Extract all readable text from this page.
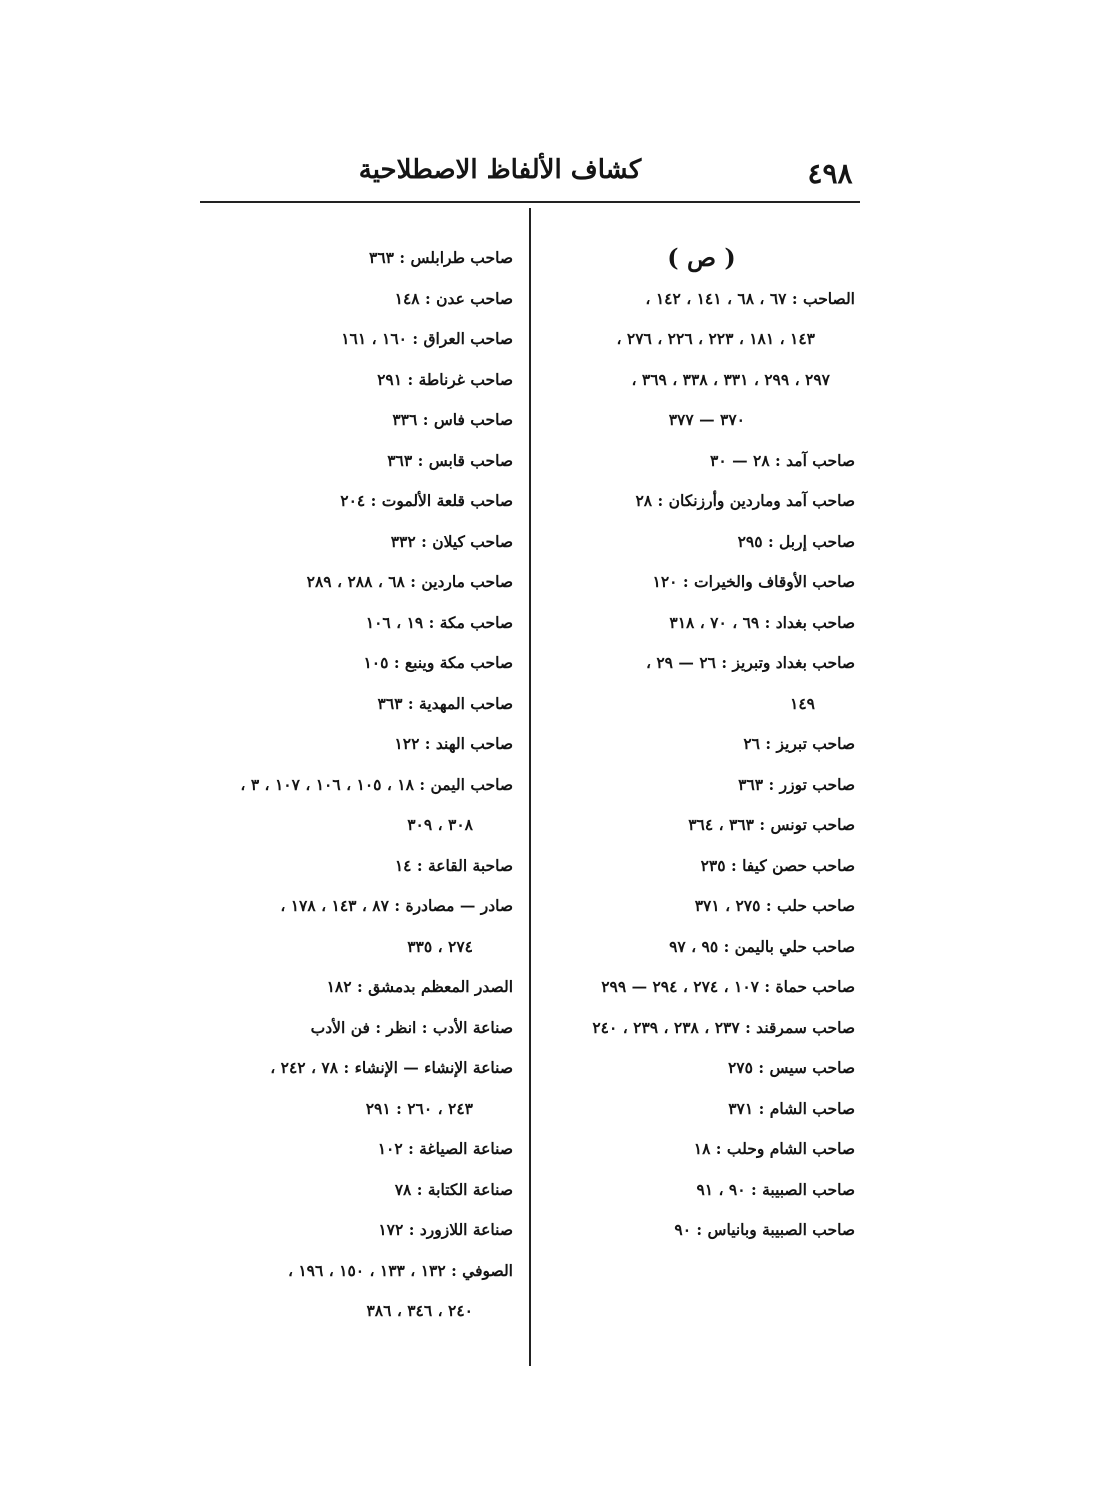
كشاف الألفاظ الاصطلاحية	٤٩٨
( ص )
الصاحب : ٦٧ ، ٦٨ ، ١٤١ ، ١٤٢ ،
١٤٣ ، ١٨١ ، ٢٢٣ ، ٢٢٦ ، ٢٧٦ ،
٢٩٧ ، ٢٩٩ ، ٣٣١ ، ٣٣٨ ، ٣٦٩ ،
٣٧٠ — ٣٧٧
صاحب آمد : ٢٨ — ٣٠
صاحب آمد وماردين وأرزنكان : ٢٨
صاحب إربل : ٢٩٥
صاحب الأوقاف والخيرات : ١٢٠
صاحب بغداد : ٦٩ ، ٧٠ ، ٣١٨
صاحب بغداد وتبريز : ٢٦ — ٢٩ ،
١٤٩
صاحب تبريز : ٢٦
صاحب توزر : ٣٦٣
صاحب تونس : ٣٦٣ ، ٣٦٤
صاحب حصن كيفا : ٢٣٥
صاحب حلب : ٢٧٥ ، ٣٧١
صاحب حلي باليمن : ٩٥ ، ٩٧
صاحب حماة : ١٠٧ ، ٢٧٤ ، ٢٩٤ — ٢٩٩
صاحب سمرقند : ٢٣٧ ، ٢٣٨ ، ٢٣٩ ، ٢٤٠
صاحب سيس : ٢٧٥
صاحب الشام : ٣٧١
صاحب الشام وحلب : ١٨
صاحب الصبيبة : ٩٠ ، ٩١
صاحب الصبيبة وبانياس : ٩٠
صاحب طرابلس : ٣٦٣
صاحب عدن : ١٤٨
صاحب العراق : ١٦٠ ، ١٦١
صاحب غرناطة : ٢٩١
صاحب فاس : ٣٣٦
صاحب قابس : ٣٦٣
صاحب قلعة الألموت : ٢٠٤
صاحب كيلان : ٣٣٢
صاحب ماردين : ٦٨ ، ٢٨٨ ، ٢٨٩
صاحب مكة : ١٩ ، ١٠٦
صاحب مكة وينبع : ١٠٥
صاحب المهدية : ٣٦٣
صاحب الهند : ١٢٢
صاحب اليمن : ١٨ ، ١٠٥ ، ١٠٦ ، ١٠٧ ، ٣ ،
٣٠٨ ، ٣٠٩
صاحبة القاعة : ١٤
صادر — مصادرة : ٨٧ ، ١٤٣ ، ١٧٨ ،
٢٧٤ ، ٣٣٥
الصدر المعظم بدمشق : ١٨٢
صناعة الأدب : انظر : فن الأدب
صناعة الإنشاء — الإنشاء : ٧٨ ، ٢٤٢ ،
٢٤٣ ، ٢٦٠ : ٢٩١
صناعة الصياغة : ١٠٢
صناعة الكتابة : ٧٨
صناعة اللازورد : ١٧٢
الصوفي : ١٣٢ ، ١٣٣ ، ١٥٠ ، ١٩٦ ،
٢٤٠ ، ٣٤٦ ، ٣٨٦
